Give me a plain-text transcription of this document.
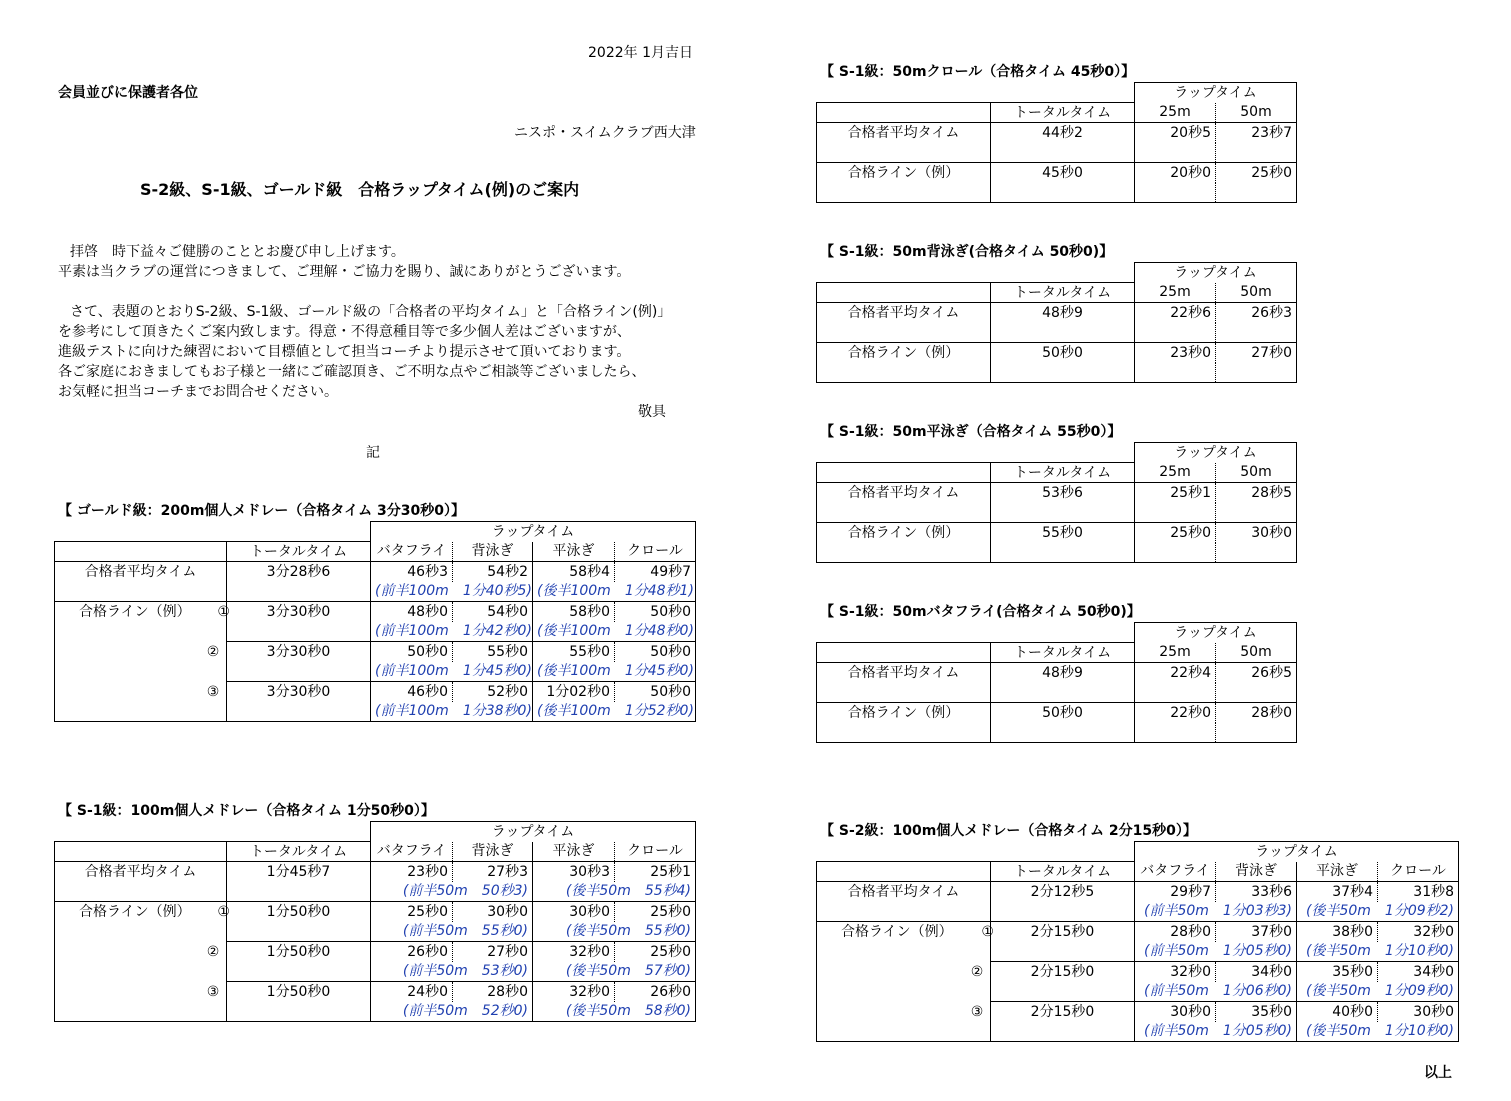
2022年 1月吉日
会員並びに保護者各位
ニスポ・スイムクラブ西大津
S-2級、S-1級、ゴールド級　合格ラップタイム(例)のご案内
拝啓　時下益々ご健勝のこととお慶び申し上げます。
平素は当クラブの運営につきまして、ご理解・ご協力を賜り、誠にありがとうございます。
さて、表題のとおりS-2級、S-1級、ゴールド級の「合格者の平均タイム」と「合格ライン(例)」
を参考にして頂きたくご案内致します。得意・不得意種目等で多少個人差はございますが、
進級テストに向けた練習において目標値として担当コーチより提示させて頂いております。
各ご家庭におきましてもお子様と一緒にご確認頂き、ご不明な点やご相談等ございましたら、
お気軽に担当コーチまでお問合せください。
敬具
記
【 ゴールド級：200m個人メドレー（合格タイム 3分30秒0）】
		ラップタイム			
	トータルタイム	バタフライ	背泳ぎ	平泳ぎ	クロール
合格者平均タイム	3分28秒6	46秒3	54秒2	58秒4	49秒7
		(前半100m　1分40秒5)		(後半100m　1分48秒1)	
合格ライン（例） ①	3分30秒0	48秒0	54秒0	58秒0	50秒0
		(前半100m　1分42秒0)		(後半100m　1分48秒0)	
②	3分30秒0	50秒0	55秒0	55秒0	50秒0
		(前半100m　1分45秒0)		(後半100m　1分45秒0)	
③	3分30秒0	46秒0	52秒0	1分02秒0	50秒0
		(前半100m　1分38秒0)		(後半100m　1分52秒0)	
【 S-1級：100m個人メドレー（合格タイム 1分50秒0）】
		ラップタイム			
	トータルタイム	バタフライ	背泳ぎ	平泳ぎ	クロール
合格者平均タイム	1分45秒7	23秒0	27秒3	30秒3	25秒1
		(前半50m　50秒3)		(後半50m　55秒4)	
合格ライン（例） ①	1分50秒0	25秒0	30秒0	30秒0	25秒0
		(前半50m　55秒0)		(後半50m　55秒0)	
②	1分50秒0	26秒0	27秒0	32秒0	25秒0
		(前半50m　53秒0)		(後半50m　57秒0)	
③	1分50秒0	24秒0	28秒0	32秒0	26秒0
		(前半50m　52秒0)		(後半50m　58秒0)	
【 S-1級：50mクロール（合格タイム 45秒0）】
		ラップタイム	
	トータルタイム	25m	50m
合格者平均タイム	44秒2	20秒5	23秒7

合格ライン（例）	45秒0	20秒0	25秒0

【 S-1級：50m背泳ぎ(合格タイム 50秒0)】
		ラップタイム	
	トータルタイム	25m	50m
合格者平均タイム	48秒9	22秒6	26秒3

合格ライン（例）	50秒0	23秒0	27秒0

【 S-1級：50m平泳ぎ（合格タイム 55秒0）】
		ラップタイム	
	トータルタイム	25m	50m
合格者平均タイム	53秒6	25秒1	28秒5

合格ライン（例）	55秒0	25秒0	30秒0

【 S-1級：50mバタフライ(合格タイム 50秒0)】
		ラップタイム	
	トータルタイム	25m	50m
合格者平均タイム	48秒9	22秒4	26秒5

合格ライン（例）	50秒0	22秒0	28秒0

【 S-2級：100m個人メドレー（合格タイム 2分15秒0）】
		ラップタイム			
	トータルタイム	バタフライ	背泳ぎ	平泳ぎ	クロール
合格者平均タイム	2分12秒5	29秒7	33秒6	37秒4	31秒8
		(前半50m　1分03秒3)		(後半50m　1分09秒2)	
合格ライン（例） ①	2分15秒0	28秒0	37秒0	38秒0	32秒0
		(前半50m　1分05秒0)		(後半50m　1分10秒0)	
②	2分15秒0	32秒0	34秒0	35秒0	34秒0
		(前半50m　1分06秒0)		(後半50m　1分09秒0)	
③	2分15秒0	30秒0	35秒0	40秒0	30秒0
		(前半50m　1分05秒0)		(後半50m　1分10秒0)	
以上
